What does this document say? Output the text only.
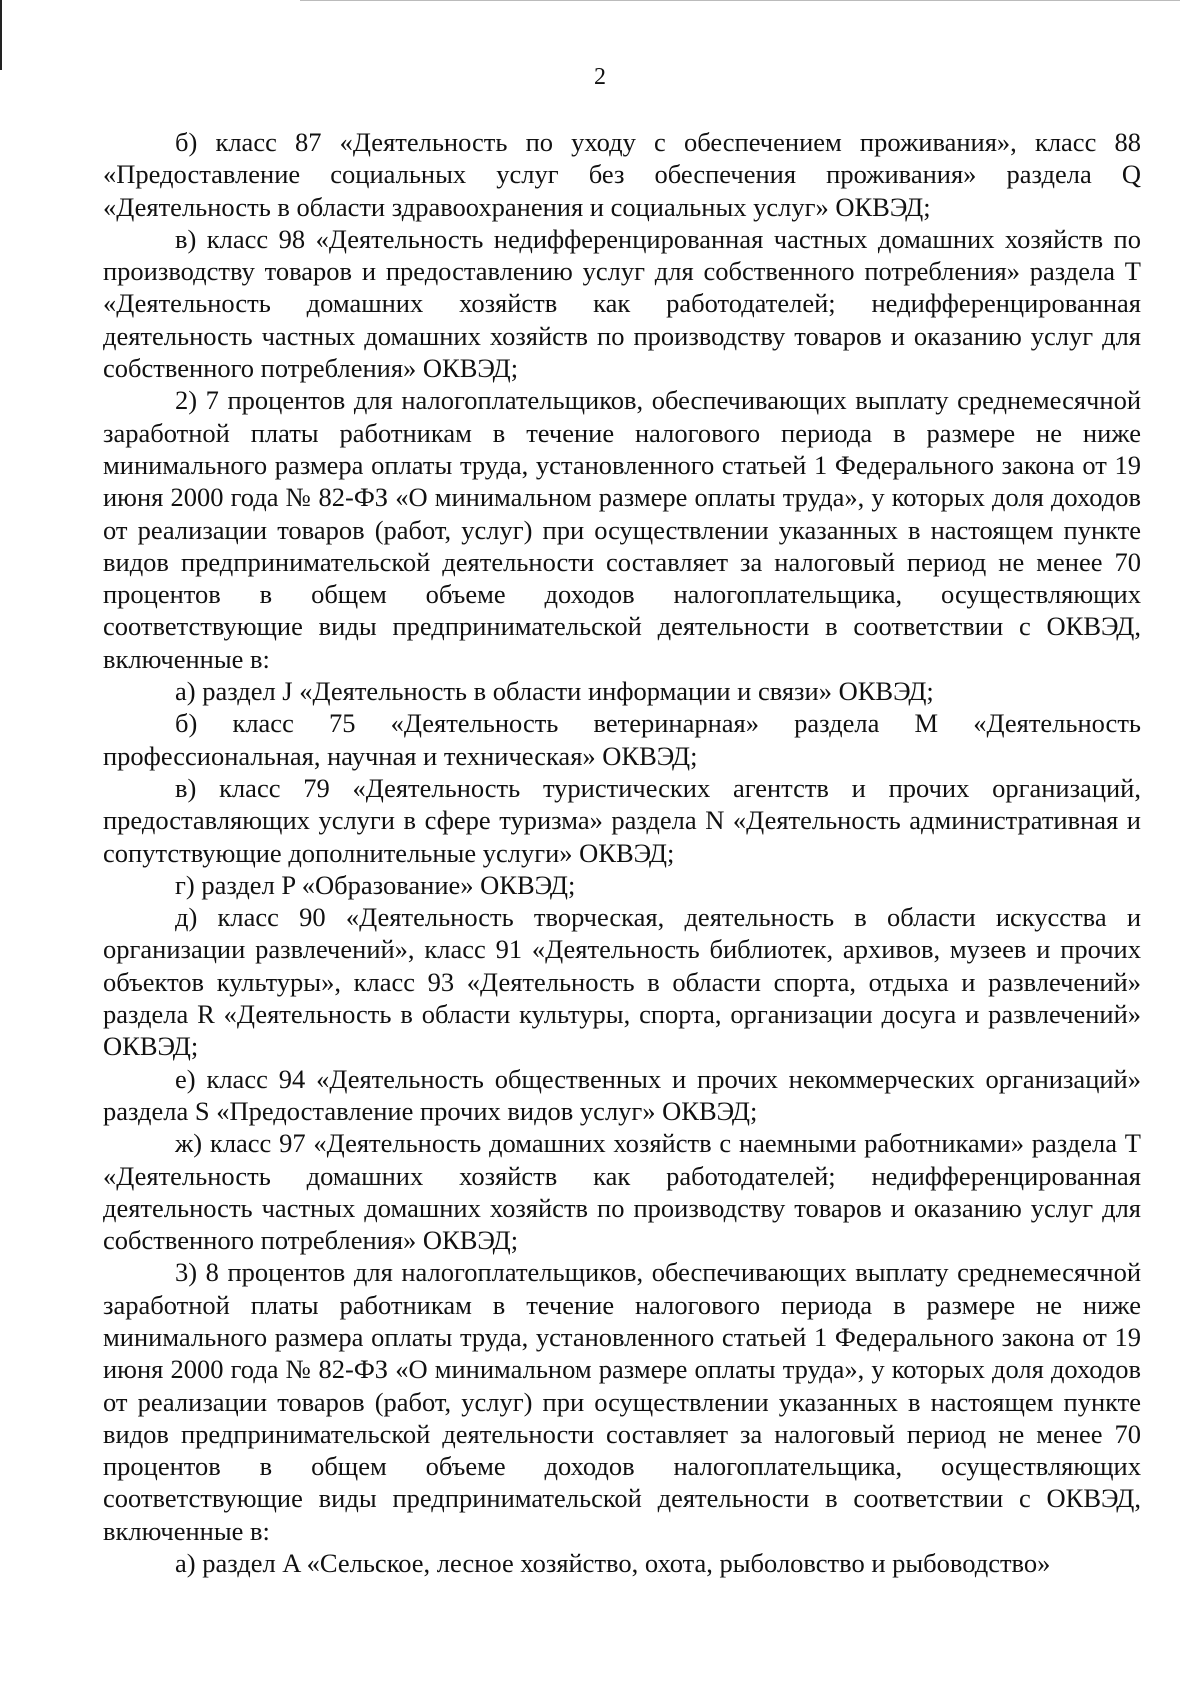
2

б) класс 87 «Деятельность по уходу с обеспечением проживания», класс 88 «Предоставление социальных услуг без обеспечения проживания» раздела Q «Деятельность в области здравоохранения и социальных услуг» ОКВЭД;

в) класс 98 «Деятельность недифференцированная частных домашних хозяйств по производству товаров и предоставлению услуг для собственного потребления» раздела T «Деятельность домашних хозяйств как работодателей; недифференцированная деятельность частных домашних хозяйств по производству товаров и оказанию услуг для собственного потребления» ОКВЭД;

2) 7 процентов для налогоплательщиков, обеспечивающих выплату среднемесячной заработной платы работникам в течение налогового периода в размере не ниже минимального размера оплаты труда, установленного статьей 1 Федерального закона от 19 июня 2000 года № 82-ФЗ «О минимальном размере оплаты труда», у которых доля доходов от реализации товаров (работ, услуг) при осуществлении указанных в настоящем пункте видов предпринимательской деятельности составляет за налоговый период не менее 70 процентов в общем объеме доходов налогоплательщика, осуществляющих соответствующие виды предпринимательской деятельности в соответствии с ОКВЭД, включенные в:

а) раздел J «Деятельность в области информации и связи» ОКВЭД;

б) класс 75 «Деятельность ветеринарная» раздела M «Деятельность профессиональная, научная и техническая» ОКВЭД;

в) класс 79 «Деятельность туристических агентств и прочих организаций, предоставляющих услуги в сфере туризма» раздела N «Деятельность административная и сопутствующие дополнительные услуги» ОКВЭД;

г) раздел P «Образование» ОКВЭД;

д) класс 90 «Деятельность творческая, деятельность в области искусства и организации развлечений», класс 91 «Деятельность библиотек, архивов, музеев и прочих объектов культуры», класс 93 «Деятельность в области спорта, отдыха и развлечений» раздела R «Деятельность в области культуры, спорта, организации досуга и развлечений» ОКВЭД;

е) класс 94 «Деятельность общественных и прочих некоммерческих организаций» раздела S «Предоставление прочих видов услуг» ОКВЭД;

ж) класс 97 «Деятельность домашних хозяйств с наемными работниками» раздела T «Деятельность домашних хозяйств как работодателей; недифференцированная деятельность частных домашних хозяйств по производству товаров и оказанию услуг для собственного потребления» ОКВЭД;

3) 8 процентов для налогоплательщиков, обеспечивающих выплату среднемесячной заработной платы работникам в течение налогового периода в размере не ниже минимального размера оплаты труда, установленного статьей 1 Федерального закона от 19 июня 2000 года № 82-ФЗ «О минимальном размере оплаты труда», у которых доля доходов от реализации товаров (работ, услуг) при осуществлении указанных в настоящем пункте видов предпринимательской деятельности составляет за налоговый период не менее 70 процентов в общем объеме доходов налогоплательщика, осуществляющих соответствующие виды предпринимательской деятельности в соответствии с ОКВЭД, включенные в:

а) раздел A «Сельское, лесное хозяйство, охота, рыболовство и рыбоводство»
